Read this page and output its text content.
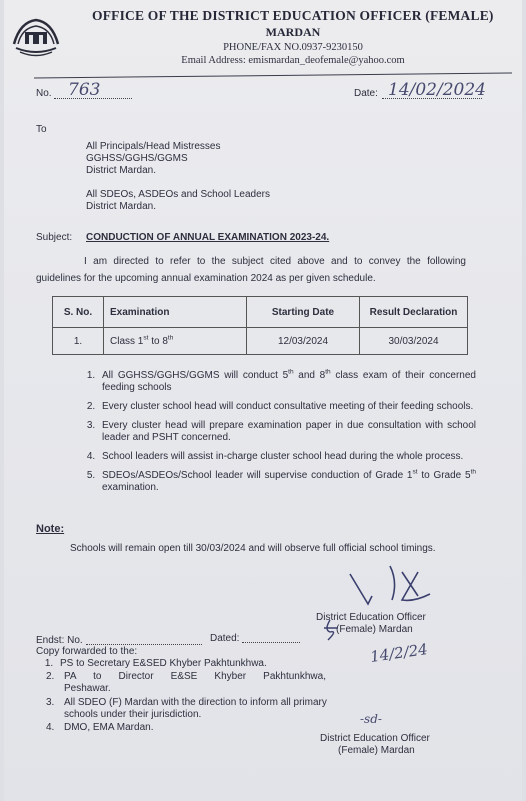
OFFICE OF THE DISTRICT EDUCATION OFFICER (FEMALE)
MARDAN
PHONE/FAX NO.0937-9230150
Email Address: emismardan_deofemale@yahoo.com
No. 763	Date: 14/02/2024
To
All Principals/Head Mistresses
GGHSS/GGHS/GGMS
District Mardan.
All SDEOs, ASDEOs and School Leaders
District Mardan.
Subject: CONDUCTION OF ANNUAL EXAMINATION 2023-24.
I am directed to refer to the subject cited above and to convey the following
guidelines for the upcoming annual examination 2024 as per given schedule.
S. No.	Examination	Starting Date	Result Declaration
1.	Class 1st to 8th	12/03/2024	30/03/2024
1. All GGHSS/GGHS/GGMS will conduct 5th and 8th class exam of their concerned feeding schools
2. Every cluster school head will conduct consultative meeting of their feeding schools.
3. Every cluster head will prepare examination paper in due consultation with school leader and PSHT concerned.
4. School leaders will assist in-charge cluster school head during the whole process.
5. SDEOs/ASDEOs/School leader will supervise conduction of Grade 1st to Grade 5th examination.
Note:
Schools will remain open till 30/03/2024 and will observe full official school timings.
District Education Officer
(Female) Mardan
14/2/24
Endst: No.	Dated:
Copy forwarded to the:
1. PS to Secretary E&SED Khyber Pakhtunkhwa.
2. PA to Director E&SE Khyber Pakhtunkhwa, Peshawar.
3. All SDEO (F) Mardan with the direction to inform all primary schools under their jurisdiction.
4. DMO, EMA Mardan.
-sd-
District Education Officer
(Female) Mardan
